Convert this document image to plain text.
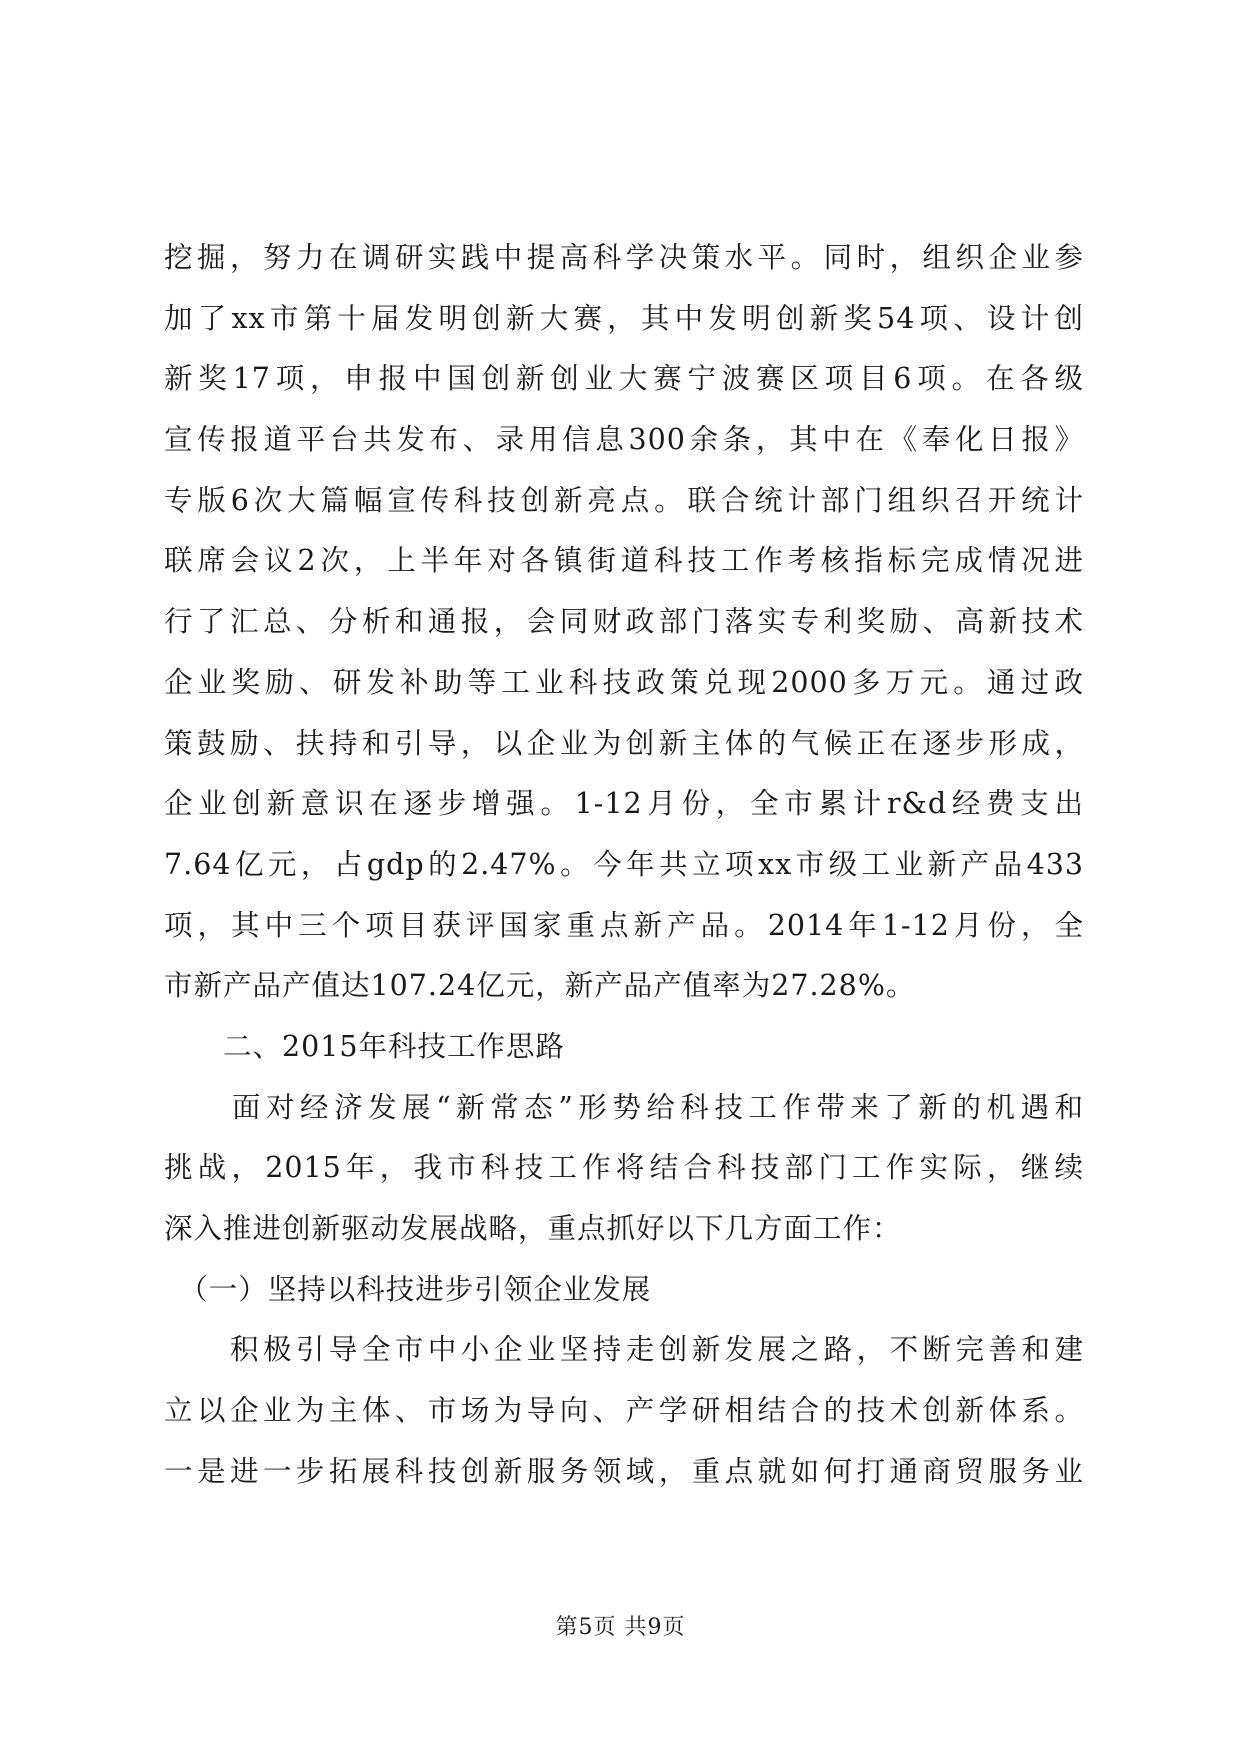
挖掘，努力在调研实践中提高科学决策水平。同时，组织企业参
加了xx市第十届发明创新大赛，其中发明创新奖54项、设计创
新奖17项，申报中国创新创业大赛宁波赛区项目6项。在各级
宣传报道平台共发布、录用信息300余条，其中在《奉化日报》
专版6次大篇幅宣传科技创新亮点。联合统计部门组织召开统计
联席会议2次，上半年对各镇街道科技工作考核指标完成情况进
行了汇总、分析和通报，会同财政部门落实专利奖励、高新技术
企业奖励、研发补助等工业科技政策兑现2000多万元。通过政
策鼓励、扶持和引导，以企业为创新主体的气候正在逐步形成，
企业创新意识在逐步增强。1-12月份，全市累计r&d经费支出
7.64亿元，占gdp的2.47%。今年共立项xx市级工业新产品433
项，其中三个项目获评国家重点新产品。2014年1-12月份，全
市新产品产值达107.24亿元，新产品产值率为27.28%。
　　二、2015年科技工作思路
　　面对经济发展“新常态”形势给科技工作带来了新的机遇和
挑战，2015年，我市科技工作将结合科技部门工作实际，继续
深入推进创新驱动发展战略，重点抓好以下几方面工作：
　（一）坚持以科技进步引领企业发展
　　积极引导全市中小企业坚持走创新发展之路，不断完善和建
立以企业为主体、市场为导向、产学研相结合的技术创新体系。
一是进一步拓展科技创新服务领域，重点就如何打通商贸服务业
第5页 共9页
